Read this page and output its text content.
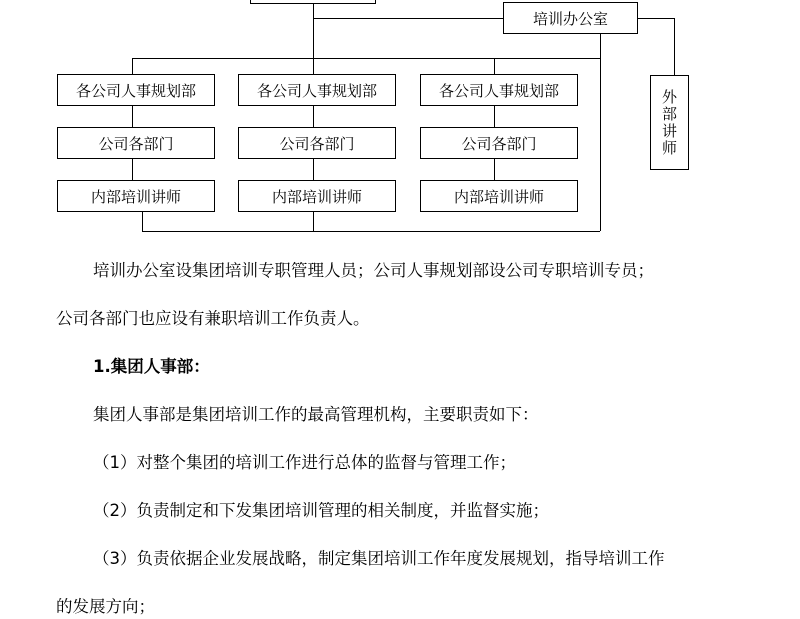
培训办公室
外部讲师
各公司人事规划部
公司各部门
内部培训讲师
各公司人事规划部
公司各部门
内部培训讲师
各公司人事规划部
公司各部门
内部培训讲师

培训办公室设集团培训专职管理人员；公司人事规划部设公司专职培训专员；

公司各部门也应设有兼职培训工作负责人。

1.集团人事部：

集团人事部是集团培训工作的最高管理机构，主要职责如下：

（1）对整个集团的培训工作进行总体的监督与管理工作；

（2）负责制定和下发集团培训管理的相关制度，并监督实施；

（3）负责依据企业发展战略，制定集团培训工作年度发展规划，指导培训工作

的发展方向；
